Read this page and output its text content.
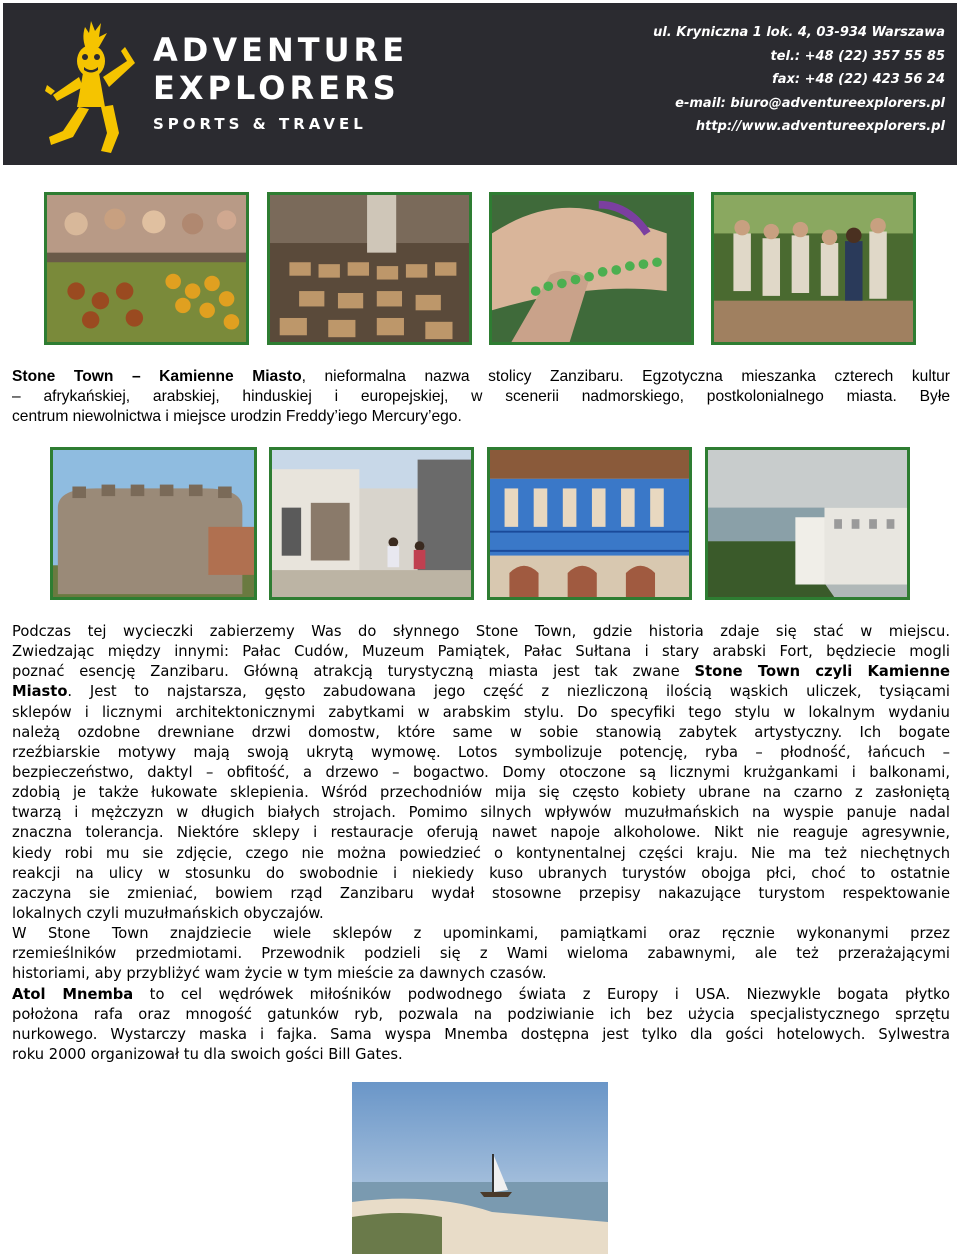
ADVENTURE
EXPLORERS
SPORTS & TRAVEL
ul. Kryniczna 1 lok. 4, 03-934 Warszawa
tel.: +48 (22) 357 55 85
fax: +48 (22) 423 56 24
e-mail: biuro@adventureexplorers.pl
http://www.adventureexplorers.pl
Stone Town – Kamienne Miasto, nieformalna nazwa stolicy Zanzibaru. Egzotyczna mieszanka czterech kultur
– afrykańskiej, arabskiej, hinduskiej i europejskiej, w scenerii nadmorskiego, postkolonialnego miasta. Byłe
centrum niewolnictwa i miejsce urodzin Freddy’iego Mercury’ego.
Podczas tej wycieczki zabierzemy Was do słynnego Stone Town, gdzie historia zdaje się stać w miejscu.
Zwiedzając między innymi: Pałac Cudów, Muzeum Pamiątek, Pałac Sułtana i stary arabski Fort, będziecie mogli
poznać esencję Zanzibaru. Główną atrakcją turystyczną miasta jest tak zwane Stone Town czyli Kamienne
Miasto. Jest to najstarsza, gęsto zabudowana jego część z niezliczoną ilością wąskich uliczek, tysiącami
sklepów i licznymi architektonicznymi zabytkami w arabskim stylu. Do specyfiki tego stylu w lokalnym wydaniu
należą ozdobne drewniane drzwi domostw, które same w sobie stanowią zabytek artystyczny. Ich bogate
rzeźbiarskie motywy mają swoją ukrytą wymowę. Lotos symbolizuje potencję, ryba – płodność, łańcuch –
bezpieczeństwo, daktyl – obfitość, a drzewo – bogactwo. Domy otoczone są licznymi krużgankami i balkonami,
zdobią je także łukowate sklepienia. Wśród przechodniów mija się często kobiety ubrane na czarno z zasłoniętą
twarzą i mężczyzn w długich białych strojach. Pomimo silnych wpływów muzułmańskich na wyspie panuje nadal
znaczna tolerancja. Niektóre sklepy i restauracje oferują nawet napoje alkoholowe. Nikt nie reaguje agresywnie,
kiedy robi mu sie zdjęcie, czego nie można powiedzieć o kontynentalnej części kraju. Nie ma też niechętnych
reakcji na ulicy w stosunku do swobodnie i niekiedy kuso ubranych turystów obojga płci, choć to ostatnie
zaczyna sie zmieniać, bowiem rząd Zanzibaru wydał stosowne przepisy nakazujące turystom respektowanie
lokalnych czyli muzułmańskich obyczajów.
W Stone Town znajdziecie wiele sklepów z upominkami, pamiątkami oraz ręcznie wykonanymi przez
rzemieślników przedmiotami. Przewodnik podzieli się z Wami wieloma zabawnymi, ale też przerażającymi
historiami, aby przybliżyć wam życie w tym mieście za dawnych czasów.
Atol Mnemba to cel wędrówek miłośników podwodnego świata z Europy i USA. Niezwykle bogata płytko
położona rafa oraz mnogość gatunków ryb, pozwala na podziwianie ich bez użycia specjalistycznego sprzętu
nurkowego. Wystarczy maska i fajka. Sama wyspa Mnemba dostępna jest tylko dla gości hotelowych. Sylwestra
roku 2000 organizował tu dla swoich gości Bill Gates.
